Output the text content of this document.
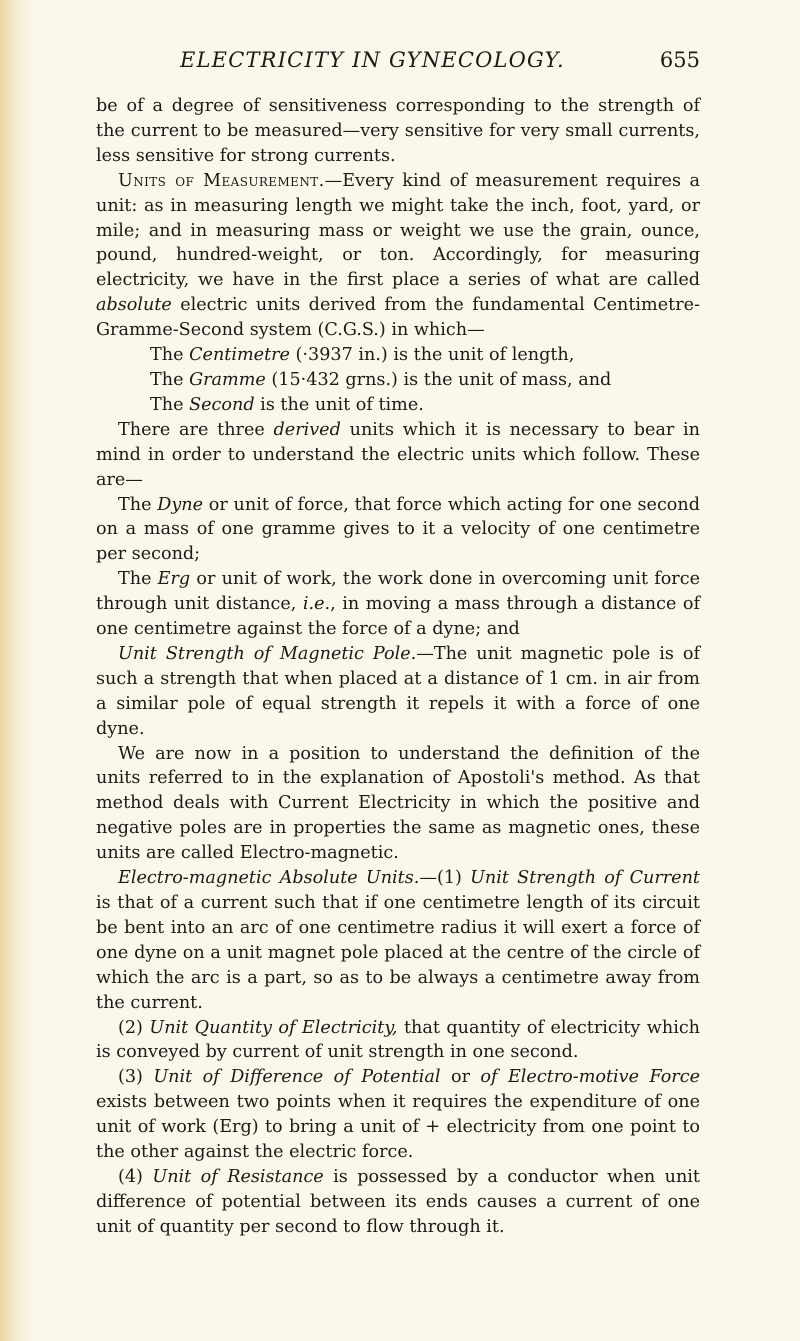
ELECTRICITY IN GYNECOLOGY.	655

be of a degree of sensitiveness corresponding to the strength of the current to be measured—very sensitive for very small currents, less sensitive for strong currents.

Units of Measurement.—Every kind of measurement requires a unit: as in measuring length we might take the inch, foot, yard, or mile; and in measuring mass or weight we use the grain, ounce, pound, hundred-weight, or ton. Accordingly, for measuring electricity, we have in the first place a series of what are called absolute electric units derived from the fundamental Centimetre-Gramme-Second system (C.G.S.) in which—

The Centimetre (·3937 in.) is the unit of length,

The Gramme (15·432 grns.) is the unit of mass, and

The Second is the unit of time.

There are three derived units which it is necessary to bear in mind in order to understand the electric units which follow. These are—

The Dyne or unit of force, that force which acting for one second on a mass of one gramme gives to it a velocity of one centimetre per second;

The Erg or unit of work, the work done in overcoming unit force through unit distance, i.e., in moving a mass through a distance of one centimetre against the force of a dyne; and

Unit Strength of Magnetic Pole.—The unit magnetic pole is of such a strength that when placed at a distance of 1 cm. in air from a similar pole of equal strength it repels it with a force of one dyne.

We are now in a position to understand the definition of the units referred to in the explanation of Apostoli's method. As that method deals with Current Electricity in which the positive and negative poles are in properties the same as magnetic ones, these units are called Electro-magnetic.

Electro-magnetic Absolute Units.—(1) Unit Strength of Current is that of a current such that if one centimetre length of its circuit be bent into an arc of one centimetre radius it will exert a force of one dyne on a unit magnet pole placed at the centre of the circle of which the arc is a part, so as to be always a centimetre away from the current.

(2) Unit Quantity of Electricity, that quantity of electricity which is conveyed by current of unit strength in one second.

(3) Unit of Difference of Potential or of Electro-motive Force exists between two points when it requires the expenditure of one unit of work (Erg) to bring a unit of + electricity from one point to the other against the electric force.

(4) Unit of Resistance is possessed by a conductor when unit difference of potential between its ends causes a current of one unit of quantity per second to flow through it.
